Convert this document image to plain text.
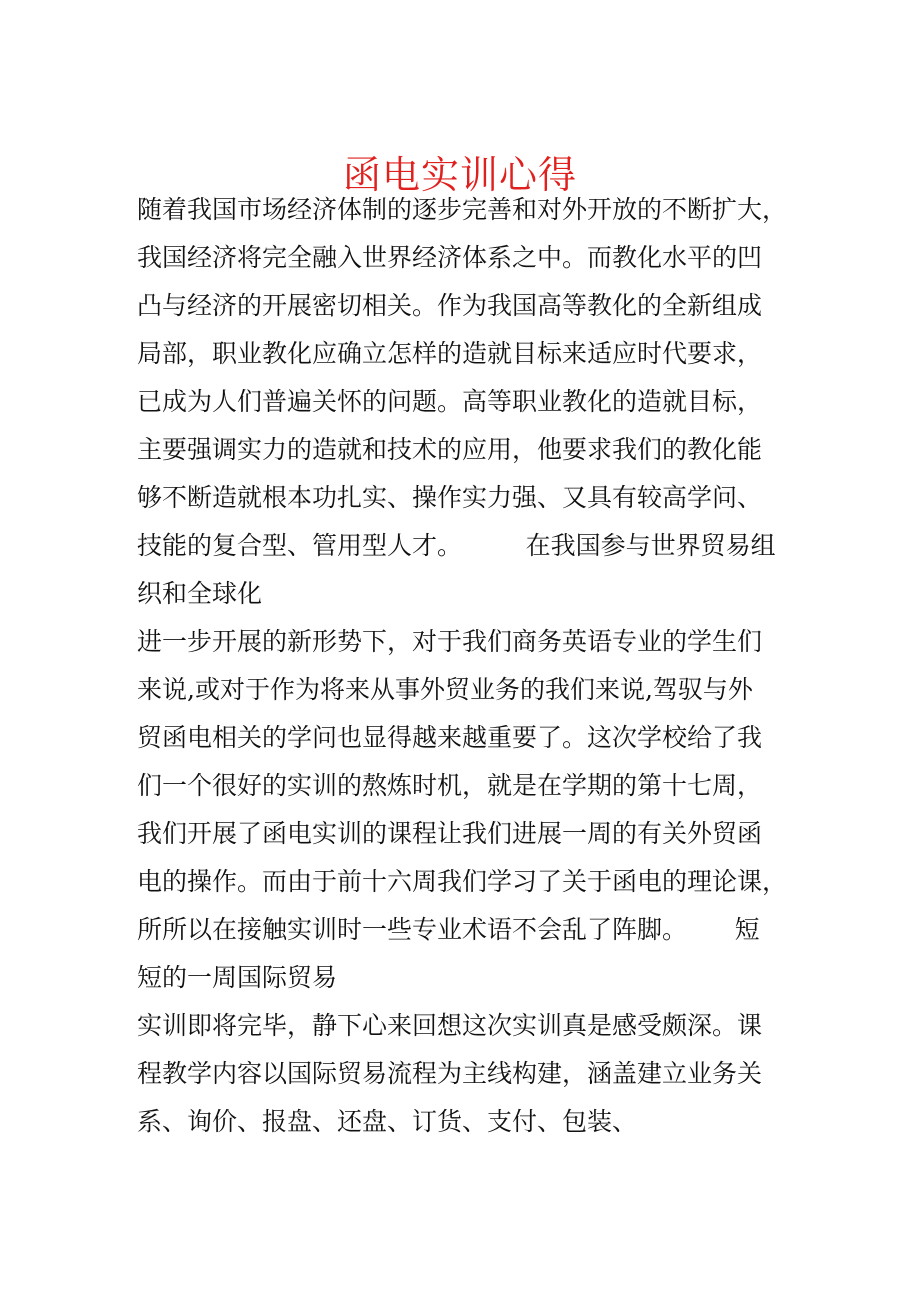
函电实训心得

随着我国市场经济体制的逐步完善和对外开放的不断扩大，

我国经济将完全融入世界经济体系之中。而教化水平的凹

凸与经济的开展密切相关。作为我国高等教化的全新组成

局部，职业教化应确立怎样的造就目标来适应时代要求，

已成为人们普遍关怀的问题。高等职业教化的造就目标，

主要强调实力的造就和技术的应用，他要求我们的教化能

够不断造就根本功扎实、操作实力强、又具有较高学问、

技能的复合型、管用型人才。        在我国参与世界贸易组

织和全球化

进一步开展的新形势下，对于我们商务英语专业的学生们

来说,或对于作为将来从事外贸业务的我们来说,驾驭与外

贸函电相关的学问也显得越来越重要了。这次学校给了我

们一个很好的实训的熬炼时机，就是在学期的第十七周，

我们开展了函电实训的课程让我们进展一周的有关外贸函

电的操作。而由于前十六周我们学习了关于函电的理论课，

所所以在接触实训时一些专业术语不会乱了阵脚。      短

短的一周国际贸易

实训即将完毕，静下心来回想这次实训真是感受颇深。课

程教学内容以国际贸易流程为主线构建，涵盖建立业务关

系、询价、报盘、还盘、订货、支付、包装、
